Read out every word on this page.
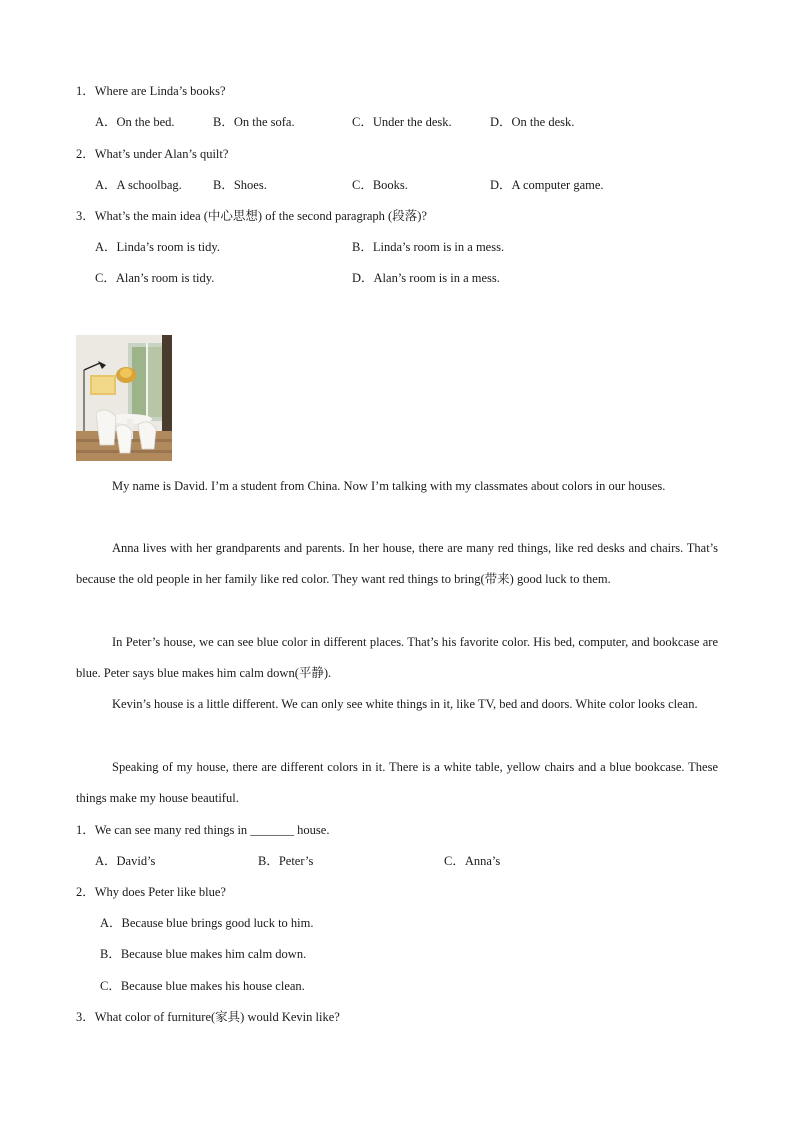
1．Where are Linda’s books?
A．On the bed.	B．On the sofa.	C．Under the desk.	D．On the desk.
2．What’s under Alan’s quilt?
A．A schoolbag. B．Shoes.	C．Books.	D．A computer game.
3．What’s the main idea (中心思想) of the second paragraph (段落)?
A．Linda’s room is tidy.	B．Linda’s room is in a mess.
C．Alan’s room is tidy.	D．Alan’s room is in a mess.
My name is David. I’m a student from China. Now I’m talking with my classmates about colors in our houses.
Anna lives with her grandparents and parents. In her house, there are many red things, like red desks and chairs. That’s because the old people in her family like red color. They want red things to bring(带来) good luck to them.
In Peter’s house, we can see blue color in different places. That’s his favorite color. His bed, computer, and bookcase are blue. Peter says blue makes him calm down(平静).
Kevin’s house is a little different. We can only see white things in it, like TV, bed and doors. White color looks clean.
Speaking of my house, there are different colors in it. There is a white table, yellow chairs and a blue bookcase. These things make my house beautiful.
1．We can see many red things in _______ house.
A．David’s	B．Peter’s	C．Anna’s
2．Why does Peter like blue?
A．Because blue brings good luck to him.
B．Because blue makes him calm down.
C．Because blue makes his house clean.
3．What color of furniture(家具) would Kevin like?
